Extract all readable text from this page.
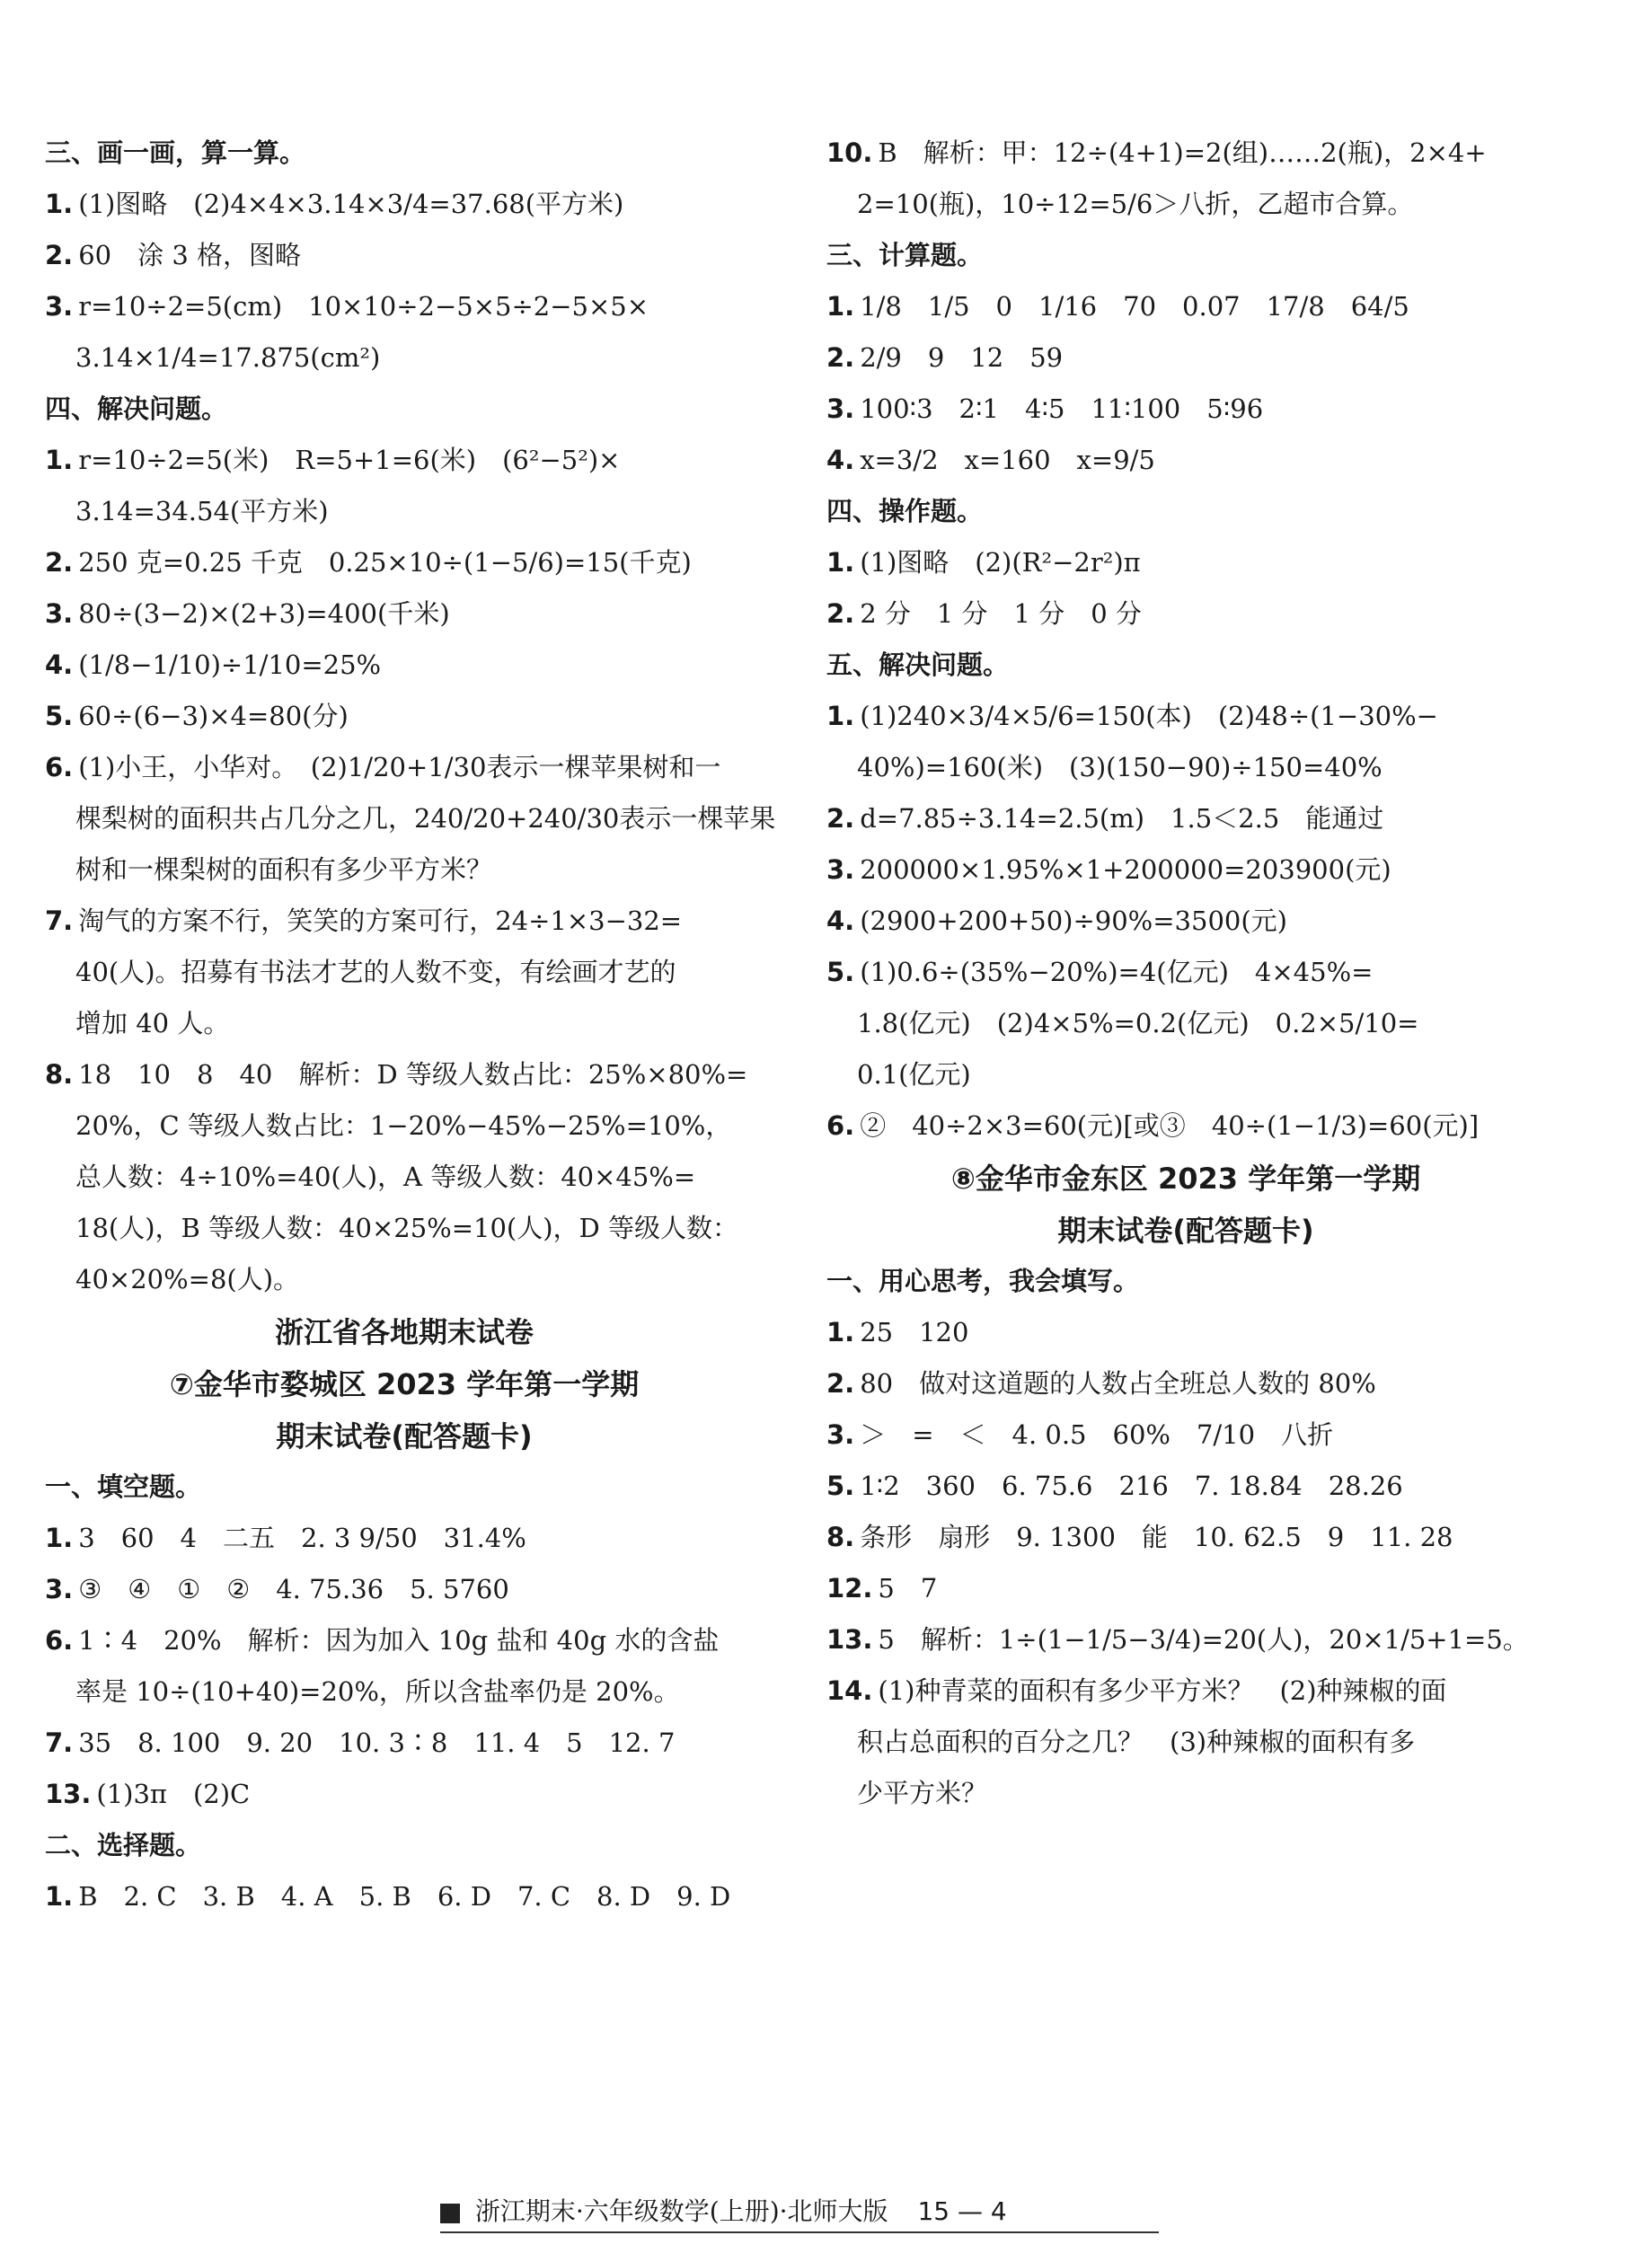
三、画一画，算一算。
1. (1)图略　(2)4×4×3.14×3/4=37.68(平方米)
2. 60　涂 3 格，图略
3. r=10÷2=5(cm)　10×10÷2−5×5÷2−5×5×
3.14×1/4=17.875(cm²)
四、解决问题。
1. r=10÷2=5(米)　R=5+1=6(米)　(6²−5²)×
3.14=34.54(平方米)
2. 250 克=0.25 千克　0.25×10÷(1−5/6)=15(千克)
3. 80÷(3−2)×(2+3)=400(千米)
4. (1/8−1/10)÷1/10=25%
5. 60÷(6−3)×4=80(分)
6. (1)小王，小华对。　(2)1/20+1/30表示一棵苹果树和一
棵梨树的面积共占几分之几，240/20+240/30表示一棵苹果
树和一棵梨树的面积有多少平方米？
7. 淘气的方案不行，笑笑的方案可行，24÷1×3−32=
40(人)。招募有书法才艺的人数不变，有绘画才艺的
增加 40 人。
8. 18　10　8　40　解析：D 等级人数占比：25%×80%=
20%，C 等级人数占比：1−20%−45%−25%=10%，
总人数：4÷10%=40(人)，A 等级人数：40×45%=
18(人)，B 等级人数：40×25%=10(人)，D 等级人数：
40×20%=8(人)。
浙江省各地期末试卷
⑦金华市婺城区 2023 学年第一学期
期末试卷(配答题卡)
一、填空题。
1. 3　60　4　二五　2. 3 9/50　31.4%
3. ③　④　①　②　4. 75.36　5. 5760
6. 1∶4　20%　解析：因为加入 10g 盐和 40g 水的含盐
率是 10÷(10+40)=20%，所以含盐率仍是 20%。
7. 35　8. 100　9. 20　10. 3∶8　11. 4　5　12. 7
13. (1)3π　(2)C
二、选择题。
1. B　2. C　3. B　4. A　5. B　6. D　7. C　8. D　9. D
10. B　解析：甲：12÷(4+1)=2(组)……2(瓶)，2×4+
2=10(瓶)，10÷12=5/6＞八折，乙超市合算。
三、计算题。
1. 1/8　1/5　0　1/16　70　0.07　17/8　64/5
2. 2/9　9　12　59
3. 100∶3　2∶1　4∶5　11∶100　5∶96
4. x=3/2　x=160　x=9/5
四、操作题。
1. (1)图略　(2)(R²−2r²)π
2. 2 分　1 分　1 分　0 分
五、解决问题。
1. (1)240×3/4×5/6=150(本)　(2)48÷(1−30%−
40%)=160(米)　(3)(150−90)÷150=40%
2. d=7.85÷3.14=2.5(m)　1.5＜2.5　能通过
3. 200000×1.95%×1+200000=203900(元)
4. (2900+200+50)÷90%=3500(元)
5. (1)0.6÷(35%−20%)=4(亿元)　4×45%=
1.8(亿元)　(2)4×5%=0.2(亿元)　0.2×5/10=
0.1(亿元)
6. ②　40÷2×3=60(元)[或③　40÷(1−1/3)=60(元)]
⑧金华市金东区 2023 学年第一学期
期末试卷(配答题卡)
一、用心思考，我会填写。
1. 25　120
2. 80　做对这道题的人数占全班总人数的 80%
3. ＞　=　＜　4. 0.5　60%　7/10　八折
5. 1∶2　360　6. 75.6　216　7. 18.84　28.26
8. 条形　扇形　9. 1300　能　10. 62.5　9　11. 28
12. 5　7
13. 5　解析：1÷(1−1/5−3/4)=20(人)，20×1/5+1=5。
14. (1)种青菜的面积有多少平方米？　(2)种辣椒的面
积占总面积的百分之几？　(3)种辣椒的面积有多
少平方米？
浙江期末·六年级数学(上册)·北师大版 15 — 4
